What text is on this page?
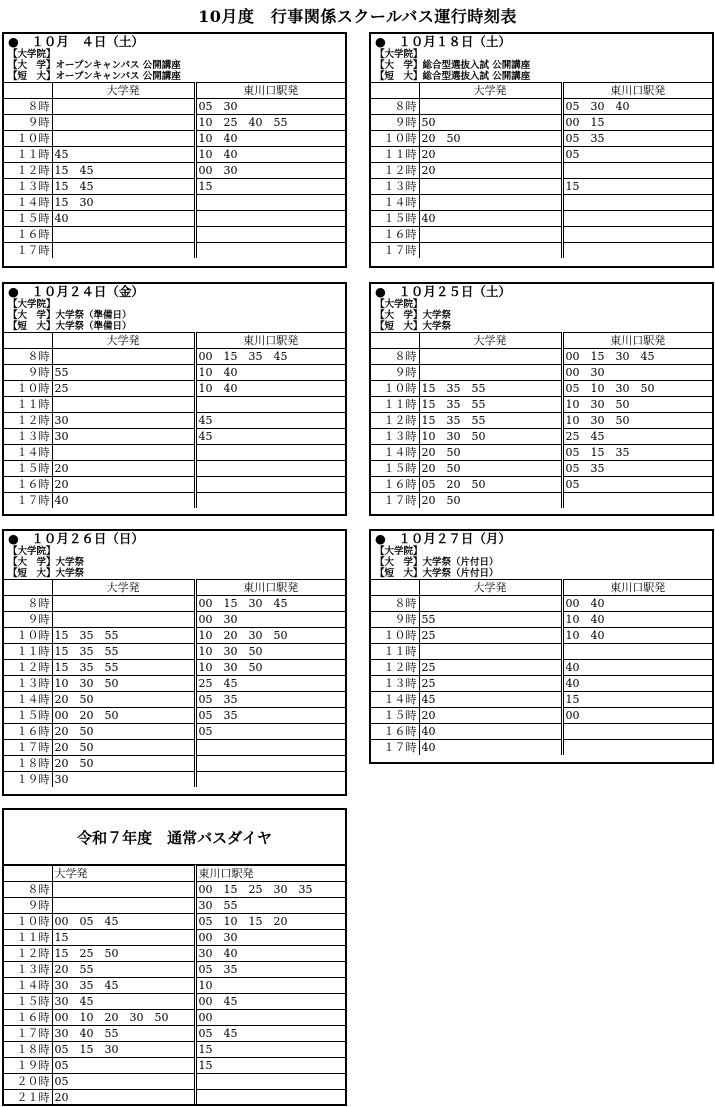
10月度　行事関係スクールバス運行時刻表
●　１０月　４日（土）
【大学院】
【大　学】オープンキャンパス 公開講座
【短　大】オープンキャンパス 公開講座
	大学発	東川口駅発
　８時		05　30
　９時		10　25　40　55
１０時		10　40
１１時	45	10　40
１２時	15　45	00　30
１３時	15　45	15
１４時	15　30	
１５時	40	
１６時		
１７時		
●　１０月１８日（土）
【大学院】
【大　学】総合型選抜入試 公開講座
【短　大】総合型選抜入試 公開講座
	大学発	東川口駅発
　８時		05　30　40
　９時	50	00　15
１０時	20　50	05　35
１１時	20	05
１２時	20	
１３時		15
１４時		
１５時	40	
１６時		
１７時		
●　１０月２４日（金）
【大学院】
【大　学】大学祭（準備日）
【短　大】大学祭（準備日）
	大学発	東川口駅発
　８時		00　15　35　45
　９時	55	10　40
１０時	25	10　40
１１時		
１２時	30	45
１３時	30	45
１４時		
１５時	20	
１６時	20	
１７時	40	
●　１０月２５日（土）
【大学院】
【大　学】大学祭
【短　大】大学祭
	大学発	東川口駅発
　８時		00　15　30　45
　９時		00　30
１０時	15　35　55	05　10　30　50
１１時	15　35　55	10　30　50
１２時	15　35　55	10　30　50
１３時	10　30　50	25　45
１４時	20　50	05　15　35
１５時	20　50	05　35
１６時	05　20　50	05
１７時	20　50	
●　１０月２６日（日）
【大学院】
【大　学】大学祭
【短　大】大学祭
	大学発	東川口駅発
　８時		00　15　30　45
　９時		00　30
１０時	15　35　55	10　20　30　50
１１時	15　35　55	10　30　50
１２時	15　35　55	10　30　50
１３時	10　30　50	25　45
１４時	20　50	05　35
１５時	00　20　50	05　35
１６時	20　50	05
１７時	20　50	
１８時	20　50	
１９時	30	
●　１０月２７日（月）
【大学院】
【大　学】大学祭（片付日）
【短　大】大学祭（片付日）
	大学発	東川口駅発
　８時		00　40
　９時	55	10　40
１０時	25	10　40
１１時		
１２時	25	40
１３時	25	40
１４時	45	15
１５時	20	00
１６時	40	
１７時	40	
令和７年度　通常バスダイヤ
	大学発	東川口駅発
　８時		00　15　25　30　35
　９時		30　55
１０時	00　05　45	05　10　15　20
１１時	15	00　30
１２時	15　25　50	30　40
１３時	20　55	05　35
１４時	30　35　45	10
１５時	30　45	00　45
１６時	00　10　20　30　50	00
１７時	30　40　55	05　45
１８時	05　15　30	15
１９時	05	15
２０時	05	
２１時	20	
